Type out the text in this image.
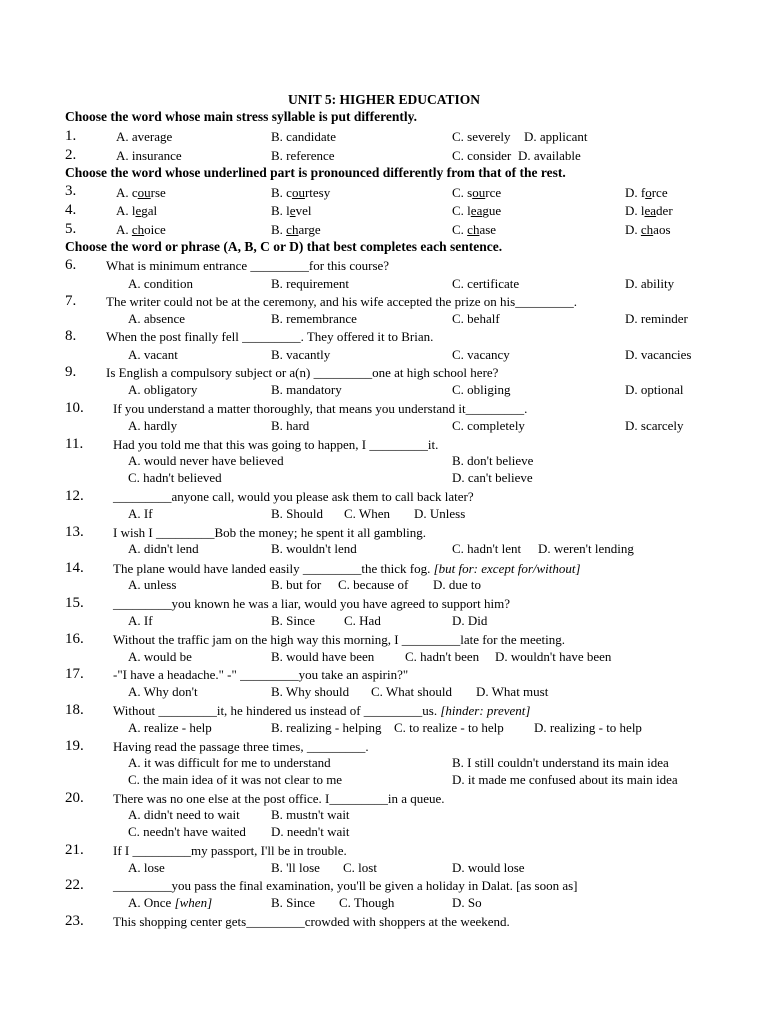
UNIT 5: HIGHER EDUCATION
Choose the word whose main stress syllable is put differently.
1.	A. average	B. candidate	C. severely D. applicant
2.	A. insurance	B. reference	C. consider D. available
Choose the word whose underlined part is pronounced differently from that of the rest.
3.	A. course	B. courtesy	C. source	D. force
4.	A. legal	B. level	C. league	D. leader
5.	A. choice	B. charge	C. chase	D. chaos
Choose the word or phrase (A, B, C or D) that best completes each sentence.
6. What is minimum entrance _________for this course?
A. condition	B. requirement	C. certificate	D. ability
7. The writer could not be at the ceremony, and his wife accepted the prize on his_________.
A. absence	B. remembrance	C. behalf	D. reminder
8. When the post finally fell _________. They offered it to Brian.
A. vacant	B. vacantly	C. vacancy	D. vacancies
9. Is English a compulsory subject or a(n) _________one at high school here?
A. obligatory	B. mandatory	C. obliging	D. optional
10. If you understand a matter thoroughly, that means you understand it_________.
A. hardly	B. hard	C. completely	D. scarcely
11. Had you told me that this was going to happen, I _________it.
A. would never have believed	B. don't believe
C. hadn't believed	D. can't believe
12. _________anyone call, would you please ask them to call back later?
A. If	B. Should C. When D. Unless
13. I wish I _________Bob the money; he spent it all gambling.
A. didn't lend	B. wouldn't lend	C. hadn't lent D. weren't lending
14. The plane would have landed easily _________the thick fog. [but for: except for/without]
A. unless	B. but for C. because of D. due to
15. _________you known he was a liar, would you have agreed to support him?
A. If	B. Since C. Had	D. Did
16. Without the traffic jam on the high way this morning, I _________late for the meeting.
A. would be	B. would have been C. hadn't been D. wouldn't have been
17. -"I have a headache." -" _________you take an aspirin?"
A. Why don't	B. Why should C. What should D. What must
18. Without _________it, he hindered us instead of _________us. [hinder: prevent]
A. realize - help	B. realizing - helping C. to realize - to help D. realizing - to help
19. Having read the passage three times, _________.
A. it was difficult for me to understand	B. I still couldn't understand its main idea
C. the main idea of it was not clear to me	D. it made me confused about its main idea
20. There was no one else at the post office. I_________in a queue.
A. didn't need to wait B. mustn't wait
C. needn't have waited D. needn't wait
21. If I _________my passport, I'll be in trouble.
A. lose	B. 'll lose C. lost	D. would lose
22. _________you pass the final examination, you'll be given a holiday in Dalat. [as soon as]
A. Once [when]	B. Since C. Though	D. So
23. This shopping center gets_________crowded with shoppers at the weekend.
